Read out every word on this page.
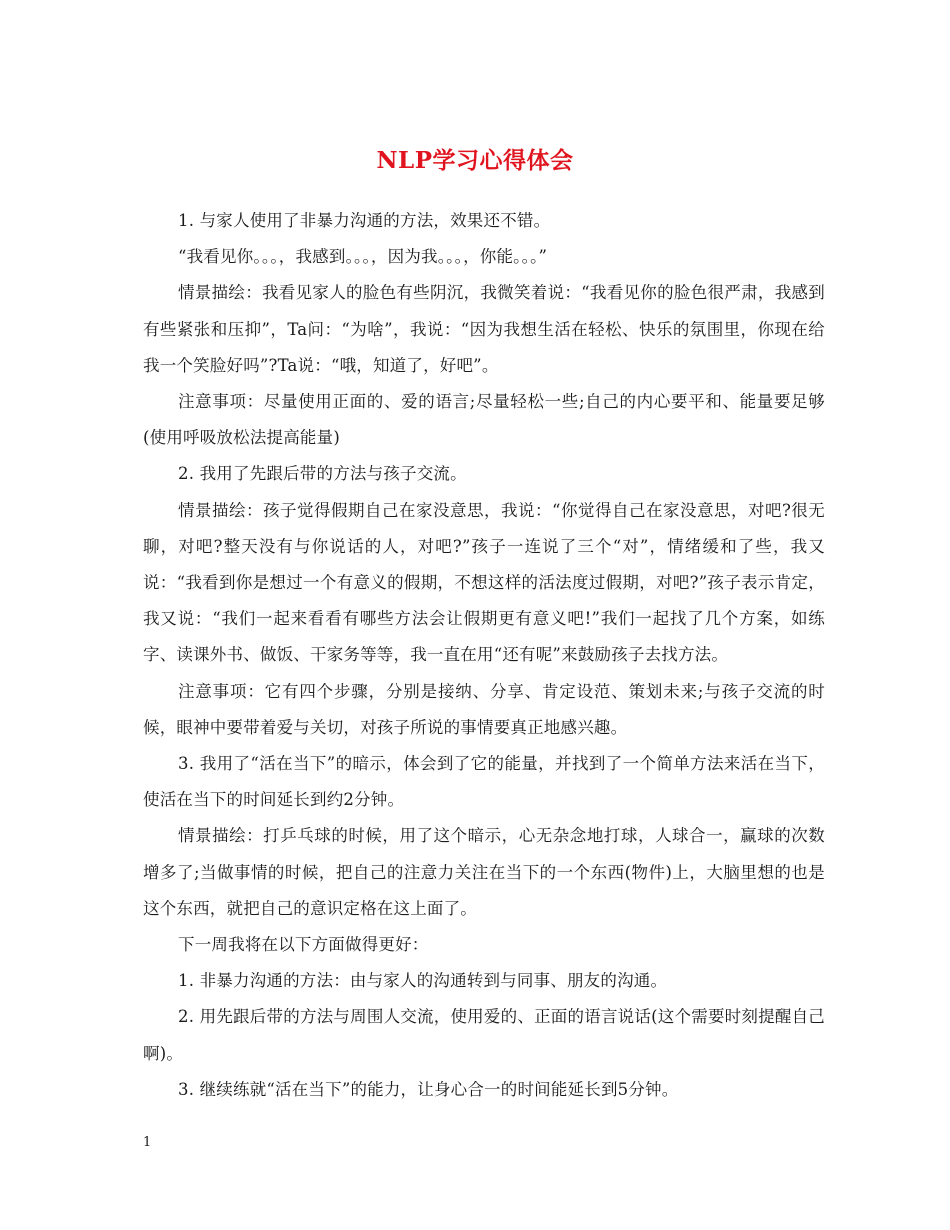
NLP学习心得体会

1. 与家人使用了非暴力沟通的方法，效果还不错。

“我看见你。。。，我感到。。。，因为我。。。，你能。。。”

情景描绘：我看见家人的脸色有些阴沉，我微笑着说：“我看见你的脸色很严肃，我感到有些紧张和压抑”，Ta问：“为啥”，我说：“因为我想生活在轻松、快乐的氛围里，你现在给我一个笑脸好吗”?Ta说：“哦，知道了，好吧”。

注意事项：尽量使用正面的、爱的语言;尽量轻松一些;自己的内心要平和、能量要足够(使用呼吸放松法提高能量)

2. 我用了先跟后带的方法与孩子交流。

情景描绘：孩子觉得假期自己在家没意思，我说：“你觉得自己在家没意思，对吧?很无聊，对吧?整天没有与你说话的人，对吧?”孩子一连说了三个“对”，情绪缓和了些，我又说：“我看到你是想过一个有意义的假期，不想这样的活法度过假期，对吧?”孩子表示肯定，我又说：“我们一起来看看有哪些方法会让假期更有意义吧!”我们一起找了几个方案，如练字、读课外书、做饭、干家务等等，我一直在用“还有呢”来鼓励孩子去找方法。

注意事项：它有四个步骤，分别是接纳、分享、肯定设范、策划未来;与孩子交流的时候，眼神中要带着爱与关切，对孩子所说的事情要真正地感兴趣。

3. 我用了“活在当下”的暗示，体会到了它的能量，并找到了一个简单方法来活在当下，使活在当下的时间延长到约2分钟。

情景描绘：打乒乓球的时候，用了这个暗示，心无杂念地打球，人球合一，赢球的次数增多了;当做事情的时候，把自己的注意力关注在当下的一个东西(物件)上，大脑里想的也是这个东西，就把自己的意识定格在这上面了。

下一周我将在以下方面做得更好：

1. 非暴力沟通的方法：由与家人的沟通转到与同事、朋友的沟通。

2. 用先跟后带的方法与周围人交流，使用爱的、正面的语言说话(这个需要时刻提醒自己啊)。

3. 继续练就“活在当下”的能力，让身心合一的时间能延长到5分钟。

1
